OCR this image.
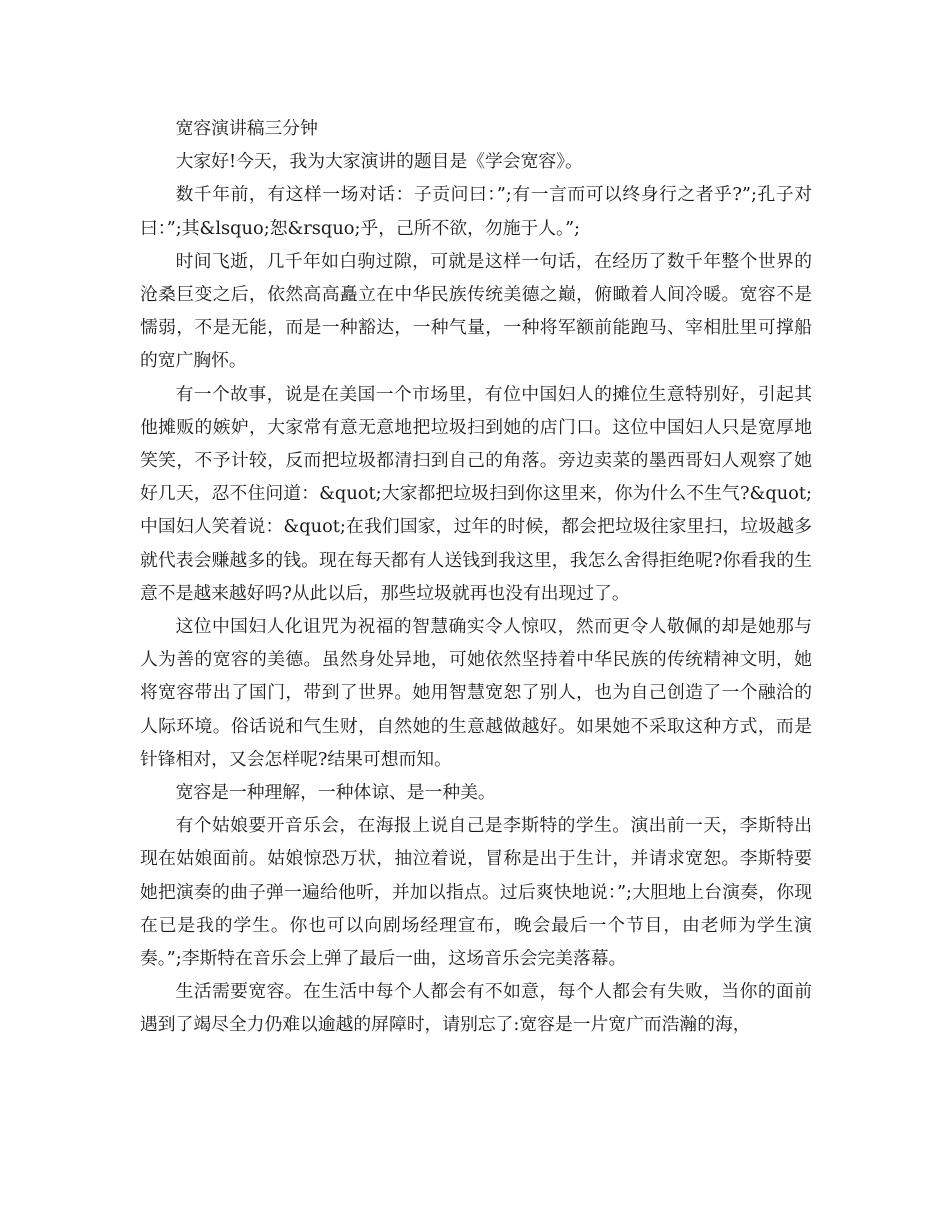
宽容演讲稿三分钟

大家好!今天，我为大家演讲的题目是《学会宽容》。

数千年前，有这样一场对话：子贡问曰：”;有一言而可以终身行之者乎?”;孔子对曰：”;其&lsquo;恕&rsquo;乎，己所不欲，勿施于人。”;

时间飞逝，几千年如白驹过隙，可就是这样一句话，在经历了数千年整个世界的沧桑巨变之后，依然高高矗立在中华民族传统美德之巅，俯瞰着人间冷暖。宽容不是懦弱，不是无能，而是一种豁达，一种气量，一种将军额前能跑马、宰相肚里可撑船的宽广胸怀。

有一个故事，说是在美国一个市场里，有位中国妇人的摊位生意特别好，引起其他摊贩的嫉妒，大家常有意无意地把垃圾扫到她的店门口。这位中国妇人只是宽厚地笑笑，不予计较，反而把垃圾都清扫到自己的角落。旁边卖菜的墨西哥妇人观察了她好几天，忍不住问道：&quot;大家都把垃圾扫到你这里来，你为什么不生气?&quot;中国妇人笑着说：&quot;在我们国家，过年的时候，都会把垃圾往家里扫，垃圾越多就代表会赚越多的钱。现在每天都有人送钱到我这里，我怎么舍得拒绝呢?你看我的生意不是越来越好吗?从此以后，那些垃圾就再也没有出现过了。

这位中国妇人化诅咒为祝福的智慧确实令人惊叹，然而更令人敬佩的却是她那与人为善的宽容的美德。虽然身处异地，可她依然坚持着中华民族的传统精神文明，她将宽容带出了国门，带到了世界。她用智慧宽恕了别人，也为自己创造了一个融洽的人际环境。俗话说和气生财，自然她的生意越做越好。如果她不采取这种方式，而是针锋相对，又会怎样呢?结果可想而知。

宽容是一种理解，一种体谅、是一种美。

有个姑娘要开音乐会，在海报上说自己是李斯特的学生。演出前一天，李斯特出现在姑娘面前。姑娘惊恐万状，抽泣着说，冒称是出于生计，并请求宽恕。李斯特要她把演奏的曲子弹一遍给他听，并加以指点。过后爽快地说：”;大胆地上台演奏，你现在已是我的学生。你也可以向剧场经理宣布，晚会最后一个节目，由老师为学生演奏。”;李斯特在音乐会上弹了最后一曲，这场音乐会完美落幕。

生活需要宽容。在生活中每个人都会有不如意，每个人都会有失败，当你的面前遇到了竭尽全力仍难以逾越的屏障时，请别忘了:宽容是一片宽广而浩瀚的海，
